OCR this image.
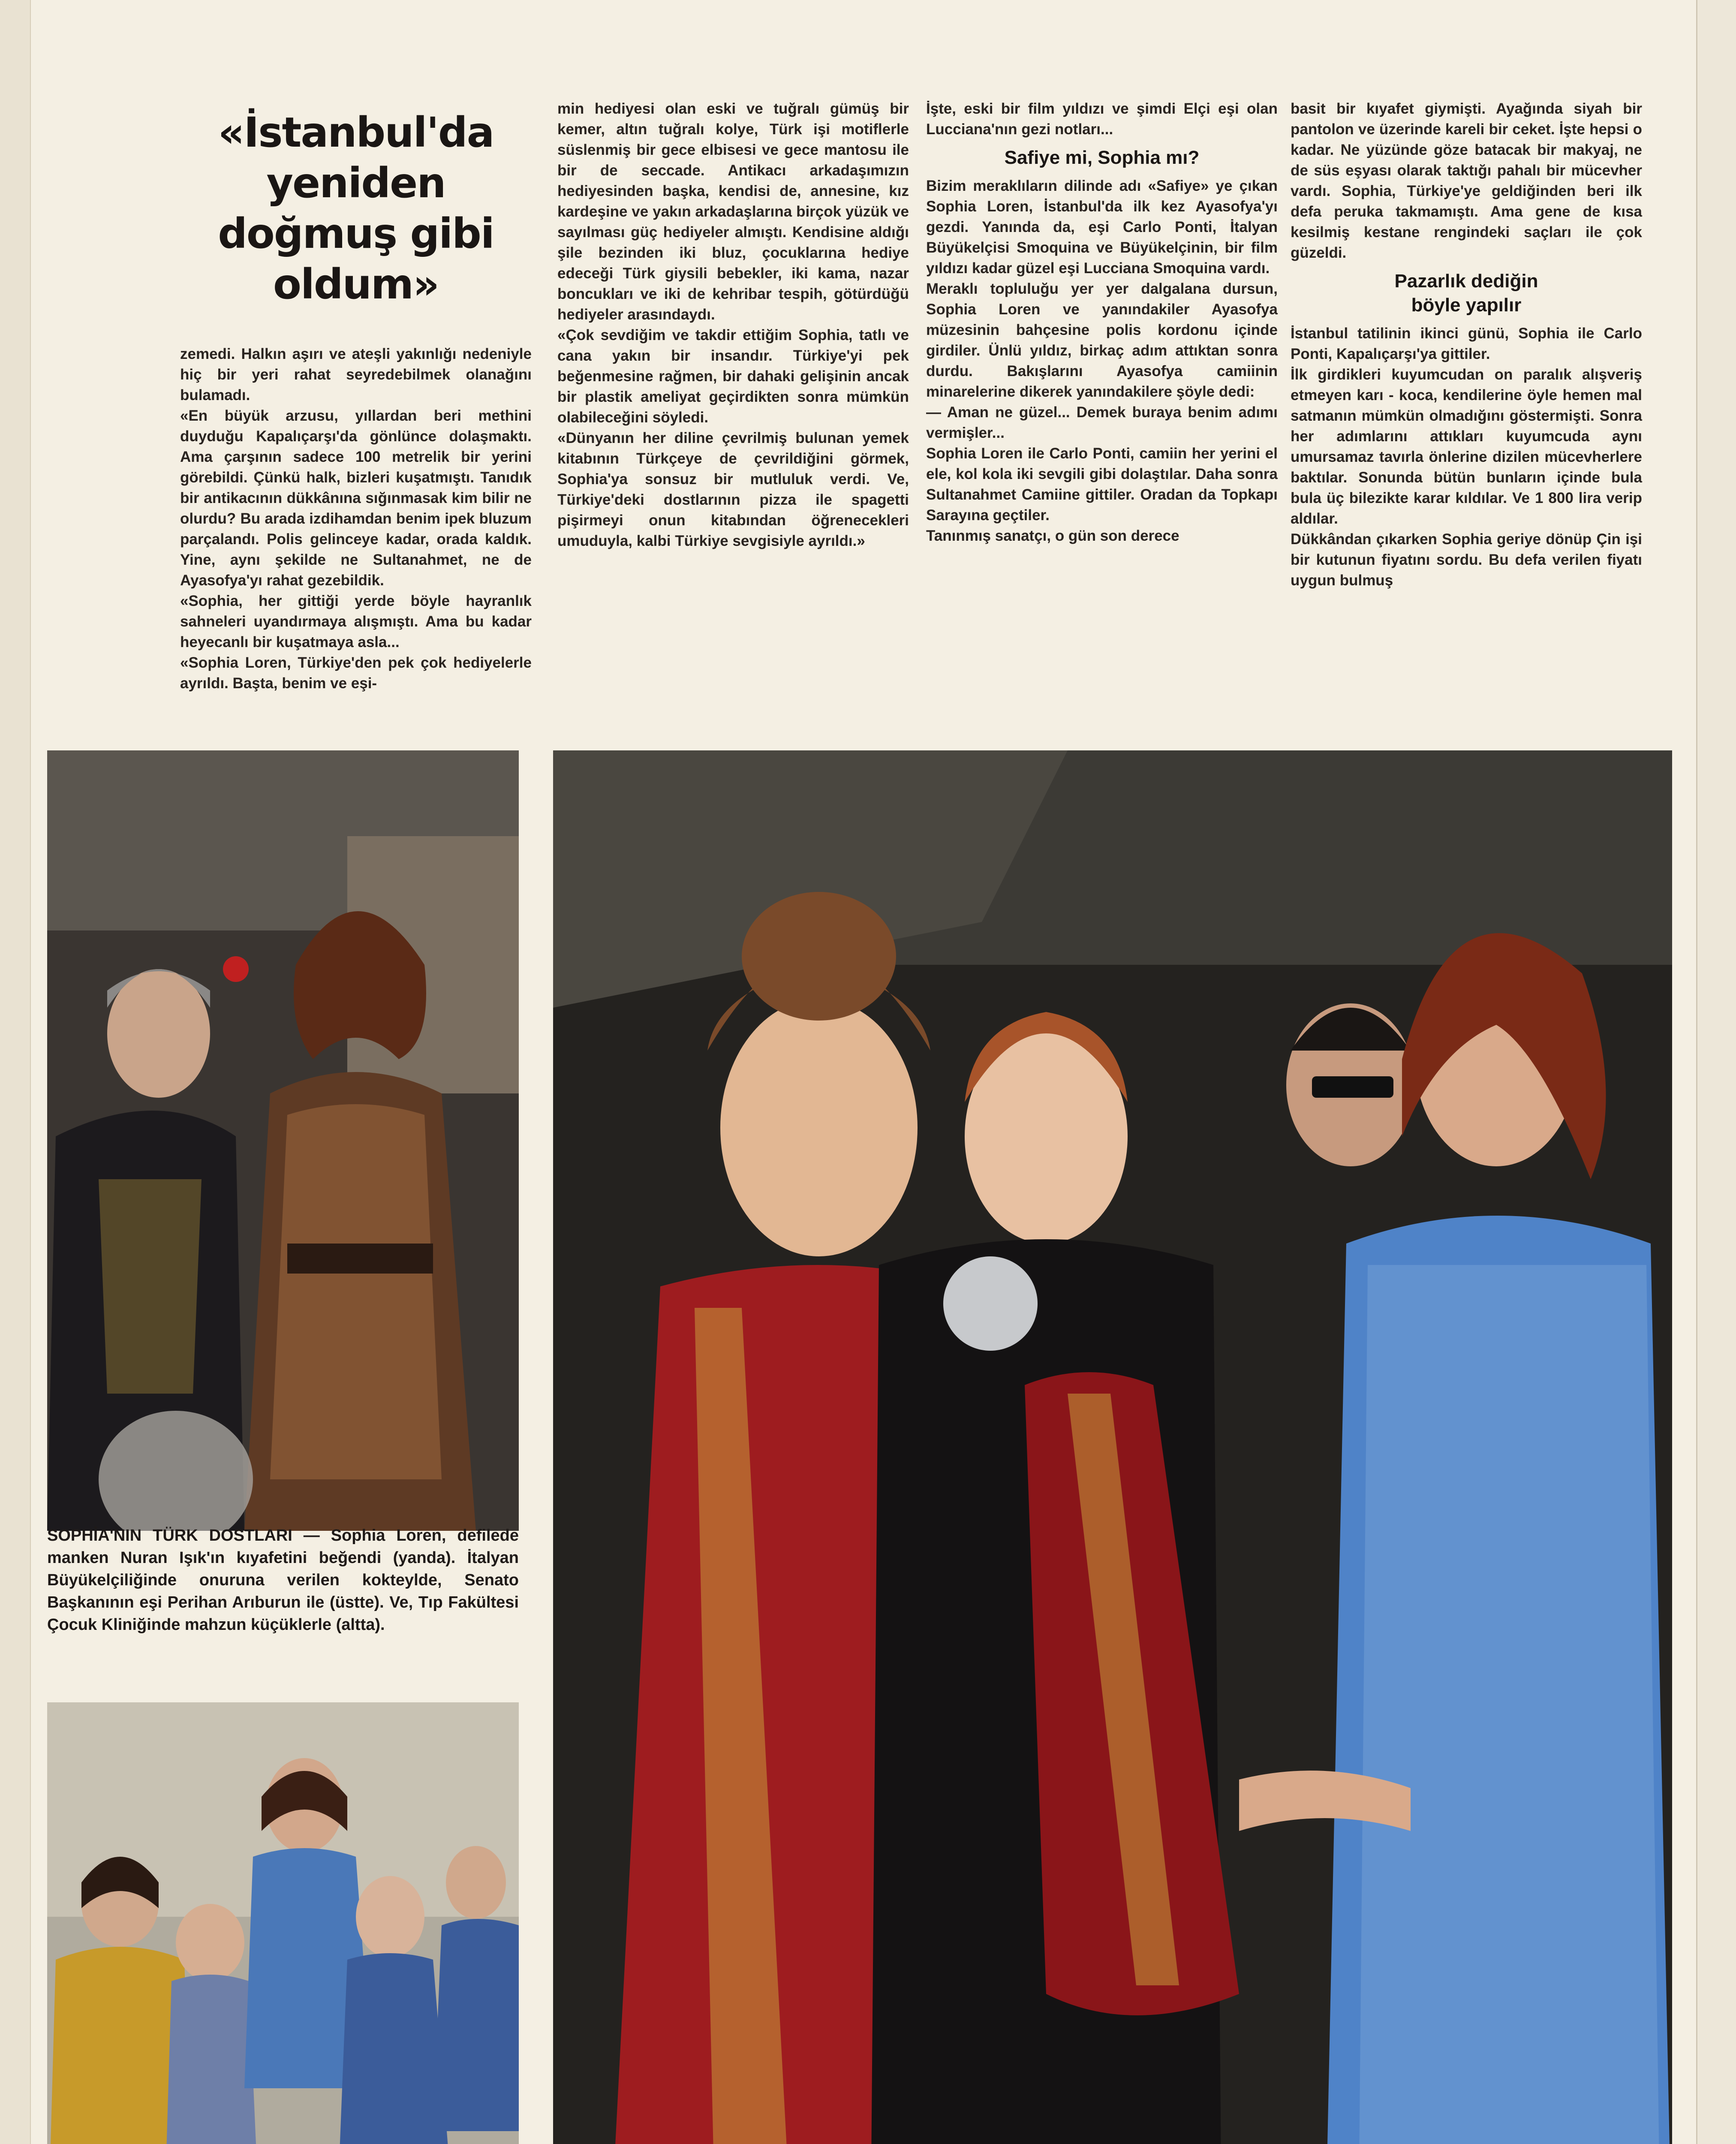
«İstanbul'da yeniden
doğmuş gibi oldum»

zemedi. Halkın aşırı ve ateşli yakınlığı nedeniyle hiç bir yeri rahat seyredebilmek olanağını bulamadı.

«En büyük arzusu, yıllardan beri methini duyduğu Kapalıçarşı'da gönlünce dolaşmaktı. Ama çarşının sadece 100 metrelik bir yerini görebildi. Çünkü halk, bizleri kuşatmıştı. Tanıdık bir antikacının dükkânına sığınmasak kim bilir ne olurdu? Bu arada izdihamdan benim ipek bluzum parçalandı. Polis gelinceye kadar, orada kaldık. Yine, aynı şekilde ne Sultanahmet, ne de Ayasofya'yı rahat gezebildik.

«Sophia, her gittiği yerde böyle hayranlık sahneleri uyandırmaya alışmıştı. Ama bu kadar heyecanlı bir kuşatmaya asla...

«Sophia Loren, Türkiye'den pek çok hediyelerle ayrıldı. Başta, benim ve eşi-

min hediyesi olan eski ve tuğralı gümüş bir kemer, altın tuğralı kolye, Türk işi motiflerle süslenmiş bir gece elbisesi ve gece mantosu ile bir de seccade. Antikacı arkadaşımızın hediyesinden başka, kendisi de, annesine, kız kardeşine ve yakın arkadaşlarına birçok yüzük ve sayılması güç hediyeler almıştı. Kendisine aldığı şile bezinden iki bluz, çocuklarına hediye edeceği Türk giysili bebekler, iki kama, nazar boncukları ve iki de kehribar tespih, götürdüğü hediyeler arasındaydı.

«Çok sevdiğim ve takdir ettiğim Sophia, tatlı ve cana yakın bir insandır. Türkiye'yi pek beğenmesine rağmen, bir dahaki gelişinin ancak bir plastik ameliyat geçirdikten sonra mümkün olabileceğini söyledi.

«Dünyanın her diline çevrilmiş bulunan yemek kitabının Türkçeye de çevrildiğini görmek, Sophia'ya sonsuz bir mutluluk verdi. Ve, Türkiye'deki dostlarının pizza ile spagetti pişirmeyi onun kitabından öğrenecekleri umuduyla, kalbi Türkiye sevgisiyle ayrıldı.»

İşte, eski bir film yıldızı ve şimdi Elçi eşi olan Lucciana'nın gezi notları...

Safiye mi, Sophia mı?

Bizim meraklıların dilinde adı «Safiye» ye çıkan Sophia Loren, İstanbul'da ilk kez Ayasofya'yı gezdi. Yanında da, eşi Carlo Ponti, İtalyan Büyükelçisi Smoquina ve Büyükelçinin, bir film yıldızı kadar güzel eşi Lucciana Smoquina vardı.

Meraklı topluluğu yer yer dalgalana dursun, Sophia Loren ve yanındakiler Ayasofya müzesinin bahçesine polis kordonu içinde girdiler. Ünlü yıldız, birkaç adım attıktan sonra durdu. Bakışlarını Ayasofya camiinin minarelerine dikerek yanındakilere şöyle dedi:

— Aman ne güzel... Demek buraya benim adımı vermişler...

Sophia Loren ile Carlo Ponti, camiin her yerini el ele, kol kola iki sevgili gibi dolaştılar. Daha sonra Sultanahmet Camiine gittiler. Oradan da Topkapı Sarayına geçtiler.

Tanınmış sanatçı, o gün son derece

basit bir kıyafet giymişti. Ayağında siyah bir pantolon ve üzerinde kareli bir ceket. İşte hepsi o kadar. Ne yüzünde göze batacak bir makyaj, ne de süs eşyası olarak taktığı pahalı bir mücevher vardı. Sophia, Türkiye'ye geldiğinden beri ilk defa peruka takmamıştı. Ama gene de kısa kesilmiş kestane rengindeki saçları ile çok güzeldi.

Pazarlık dediğin
böyle yapılır

İstanbul tatilinin ikinci günü, Sophia ile Carlo Ponti, Kapalıçarşı'ya gittiler.

İlk girdikleri kuyumcudan on paralık alışveriş etmeyen karı - koca, kendilerine öyle hemen mal satmanın mümkün olmadığını göstermişti. Sonra her adımlarını attıkları kuyumcuda aynı umursamaz tavırla önlerine dizilen mücevherlere baktılar. Sonunda bütün bunların içinde bula bula üç bilezikte karar kıldılar. Ve 1 800 lira verip aldılar.

Dükkândan çıkarken Sophia geriye dönüp Çin işi bir kutunun fiyatını sordu. Bu defa verilen fiyatı uygun bulmuş

SOPHİA'NIN TÜRK DOSTLARI — Sophia Loren, defilede manken Nuran Işık'ın kıyafetini beğendi (yanda). İtalyan Büyükelçiliğinde onuruna verilen kokteylde, Senato Başkanının eşi Perihan Arıburun ile (üstte). Ve, Tıp Fakültesi Çocuk Kliniğinde mahzun küçüklerle (altta).
